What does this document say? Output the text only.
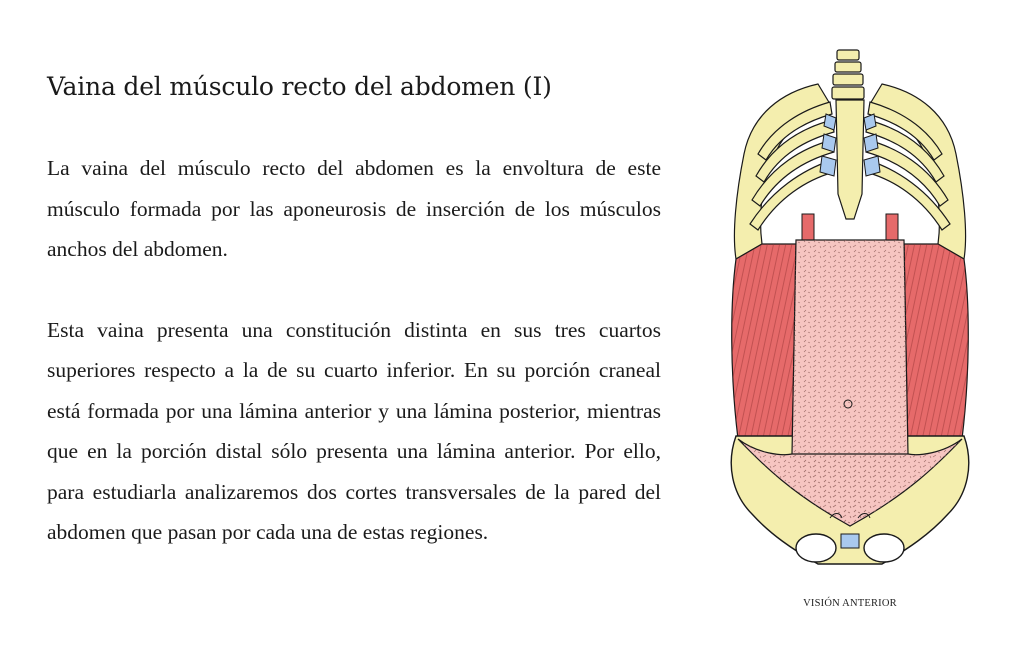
Vaina del músculo recto del abdomen (I)

La vaina del músculo recto del abdomen es la envoltura de este músculo formada por las aponeurosis de inserción de los músculos anchos del abdomen.

Esta vaina presenta una constitución distinta en sus tres cuartos superiores respecto a la de su cuarto inferior. En su porción craneal está formada por una lámina anterior y una lámina posterior, mientras que en la porción distal sólo presenta una lámina anterior. Por ello, para estudiarla analizaremos dos cortes transversales de la pared del abdomen que pasan por cada una de estas regiones.

VISIÓN ANTERIOR
